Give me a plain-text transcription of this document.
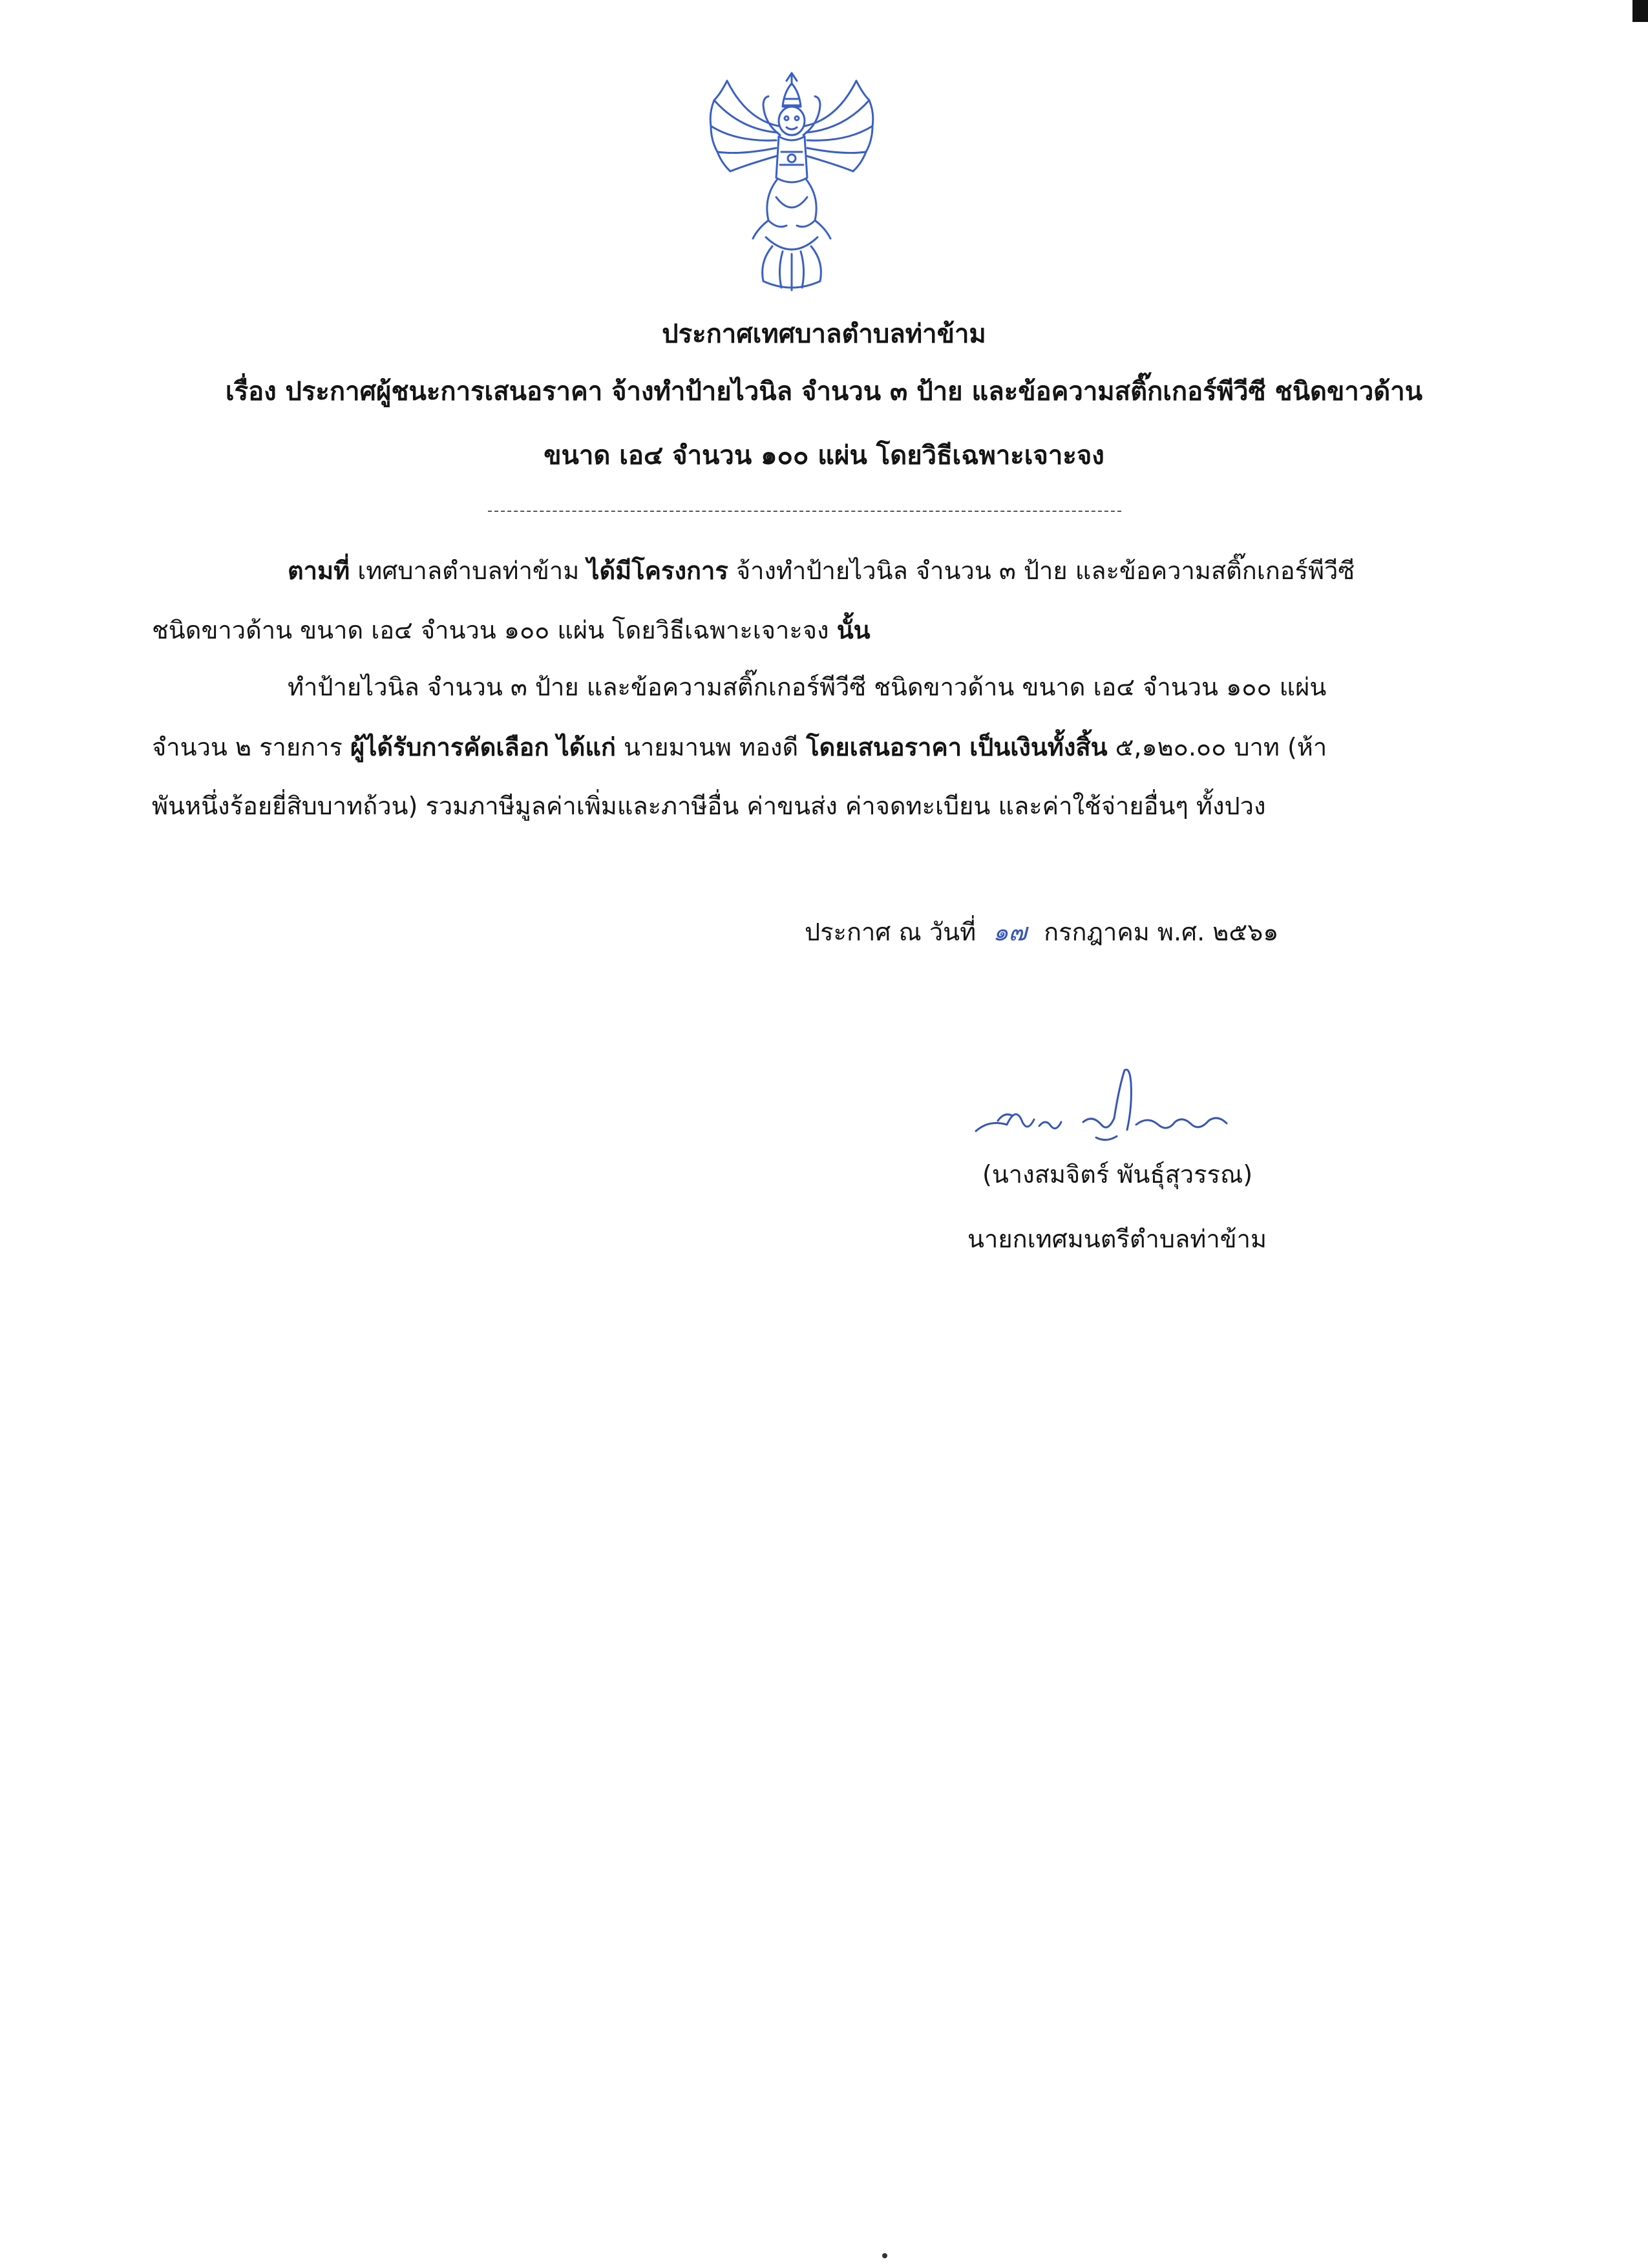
ประกาศเทศบาลตำบลท่าข้าม
เรื่อง ประกาศผู้ชนะการเสนอราคา จ้างทำป้ายไวนิล จำนวน ๓ ป้าย และข้อความสติ๊กเกอร์พีวีซี ชนิดขาวด้าน
ขนาด เอ๔ จำนวน ๑๐๐ แผ่น โดยวิธีเฉพาะเจาะจง
ตามที่ เทศบาลตำบลท่าข้าม ได้มีโครงการ จ้างทำป้ายไวนิล จำนวน ๓ ป้าย และข้อความสติ๊กเกอร์พีวีซี
ชนิดขาวด้าน ขนาด เอ๔ จำนวน ๑๐๐ แผ่น โดยวิธีเฉพาะเจาะจง นั้น
ทำป้ายไวนิล จำนวน ๓ ป้าย และข้อความสติ๊กเกอร์พีวีซี ชนิดขาวด้าน ขนาด เอ๔ จำนวน ๑๐๐ แผ่น
จำนวน ๒ รายการ ผู้ได้รับการคัดเลือก ได้แก่ นายมานพ ทองดี โดยเสนอราคา เป็นเงินทั้งสิ้น ๕,๑๒๐.๐๐ บาท (ห้า
พันหนึ่งร้อยยี่สิบบาทถ้วน) รวมภาษีมูลค่าเพิ่มและภาษีอื่น ค่าขนส่ง ค่าจดทะเบียน และค่าใช้จ่ายอื่นๆ ทั้งปวง
ประกาศ ณ วันที่ ๑๗ กรกฎาคม พ.ศ. ๒๕๖๑
(นางสมจิตร์ พันธุ์สุวรรณ)
นายกเทศมนตรีตำบลท่าข้าม
